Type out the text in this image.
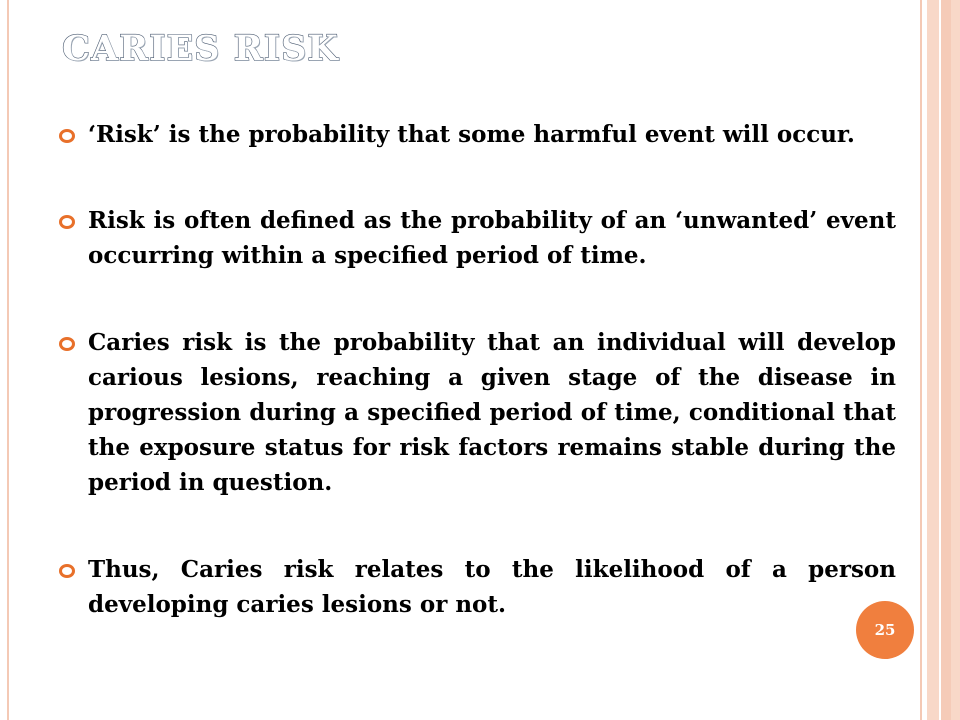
CARIES RISK
‘Risk’ is the probability that some harmful event will occur.
Risk is often defined as the probability of an ‘unwanted’ event occurring within a specified period of time.
Caries risk is the probability that an individual will develop carious lesions, reaching a given stage of the disease in progression during a specified period of time, conditional that the exposure status for risk factors remains stable during the period in question.
Thus, Caries risk relates to the likelihood of a person developing caries lesions or not.
25
